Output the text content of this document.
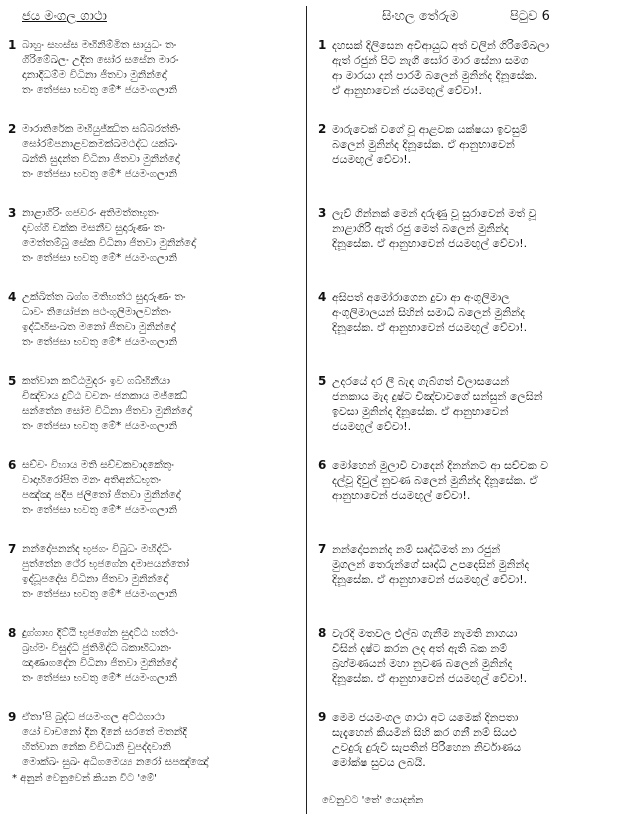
ජය මංගල ගාථා
1 බාහුං සහස්ස මභිනිම්මිත සායුධං තං
ගිරිමේඛලං උදිත ඝෝර සසේන මාරං
දානාදිධම්ම විධිනා ජිතවා මුනින්දෝ
තං තේජසා භවතු මේ* ජයමංගලානි
2 මාරාතිරේක මභියුජ්ඣිත සබ්බරත්තිං
ඝෝරම්පනාළවකමක්ඛමථද්ධ යක්ඛං
ඛන්ති සුදන්ත විධිනා ජිතවා මුනින්දෝ
තං තේජසා භවතු මේ* ජයමංගලානි
3 නාළාගිරිං ගජවරං අතිමත්තභූතං
දාවග්ගි චක්ක මසනීව සුදාරුණං තං
මෙත්තම්බු සේක විධිනා ජිතවා මුනින්දෝ
තං තේජසා භවතු මේ* ජයමංගලානි
4 උක්ඛිත්ත ඛග්ග මතිහත්ථ සුදාරුණං තං
ධාවං තියෝජන පථංගුලිමාලවන්තං
ඉද්ධීභිසංඛත මනෝ ජිතවා මුනින්දෝ
තං තේජසා භවතු මේ* ජයමංගලානි
5 කත්වාන කට්ඨමුදරං ඉව ගබ්භිනීයා
චිඤ්චාය දුට්ඨ වචනං ජනකාය මජ්ඣේ
සන්තේන සෝම විධිනා ජිතවා මුනින්දෝ
තං තේජසා භවතු මේ* ජයමංගලානි
6 සච්චං විහාය මති සච්චකවාදකේතුං
වාදාභිරෝපිත මනං අතිඅන්ධභූතං
පඤ්ඤා පදීප ජලිතෝ ජිතවා මුනින්දෝ
තං තේජසා භවතු මේ* ජයමංගලානි
7 නන්දෝපනන්ද භුජගං විබුධං මහිද්ධිං
පුත්තේන ථේර භුජගේන දමාපයන්තෝ
ඉද්ධූපදේස විධිනා ජිතවා මුනින්දෝ
තං තේජසා භවතු මේ* ජයමංගලානි
8 දුග්ගාහ දිට්ඨි භුජගේන සුදට්ඨ හත්ථං
බ්‍රහ්මං විසුද්ධි ජුතිමිද්ධි බකාභිධානං
ඤාණාගදේන විධිනා ජිතවා මුනින්දෝ
තං තේජසා භවතු මේ* ජයමංගලානි
9 ඒතා'පි බුද්ධ ජයමංගල අට්ඨගාථා
යෝ වාචනෝ දින දිනේ සරතේ මතන්දි
හිත්වාන නේක විවිධානි චුපද්දවානි
මොක්ඛං සුඛං අධිගමෙය්‍ය නරෝ සපඤ්ඤෝ
* අනුන් වෙනුවෙන් කියන විට 'මේ'
සිංහල තේරුම	පිටුව 6
1 දහසක් දිලිසෙන අවිආයුධ අත් වලින් ගිරිමේඛලා
ඇත් රජුන් පිට නැගී ඝෝර මාර සේනා සමග
ආ මාරයා දන් පාරමී බලෙන් මුනින්ද දිනූසේක.
ඒ ආනුභාවෙන් ජයමඟුල් වේවා!.
2 මාරුවෙක් වගේ වූ ආළවක යක්ෂයා ඉවසුම්
බලෙන් මුනින්ද දිනූසේක. ඒ ආනුභාවෙන්
ජයමඟුල් වේවා!.
3 ලැව් ගින්නක් මෙන් දරුණු වූ සුරාවෙන් මත් වූ
නාළාගිරි ඇත් රජු මෙත් බලෙන් මුනින්ද
දිනූසේක. ඒ ආනුභාවෙන් ජයමඟුල් වේවා!.
4 අසිපත් අමෝරාගෙන දුවා ආ අංගුලිමාල
අංගුලිමාලයන් සිහින් සමාධි බලෙන් මුනින්ද
දිනූසේක. ඒ ආනුභාවෙන් ජයමඟුල් වේවා!.
5 උදරයේ දර ලී බැඳ ගැබ්ගත් විලාසයෙන්
ජනකාය මැද දුෂ්ට චිඤ්චාවගේ සන්සුන් ලෙසින්
ඉවසා මුනින්ද දිනූසේක. ඒ ආනුභාවෙන්
ජයමඟුල් වේවා!.
6 මෝහෙන් මුලාවී වාදෙන් දිනන්නට ආ සච්චක ව
දල්වූ දිවුල් නුවණ බලෙන් මුනින්ද දිනූසේක. ඒ
ආනුභාවෙන් ජයමඟුල් වේවා!.
7 නන්දෝපනන්ද නම් සෘද්ධිමත් නා රජුන්
මුගලන් තෙරුන්ගේ සෘද්ධි උපදෙසින් මුනින්ද
දිනූසේක. ඒ ආනුභාවෙන් ජයමඟුල් වේවා!.
8 වැරදි මතවල එල්බ ගැනීම නැමති නාගයා
විසින් දෂ්ට කරන ලද අත් ඇති බක නම්
බ්‍රහ්මණයන් මහා නුවණ බලෙන් මුනින්ද
දිනූසේක. ඒ ආනුභාවෙන් ජයමඟුල් වේවා!.
9 මෙම ජයමංගල ගාථා අට යමෙක් දිනපතා
සැදැහෙන් කියමින් සිහි කර ගනී නම් සියළු
උවදුරු දුරුවී සැපතින් පිරිහෙන නිර්වාණය
මෝක්ෂ සුවය ලබයි.
වෙනුවට 'තේ' යොදන්න
